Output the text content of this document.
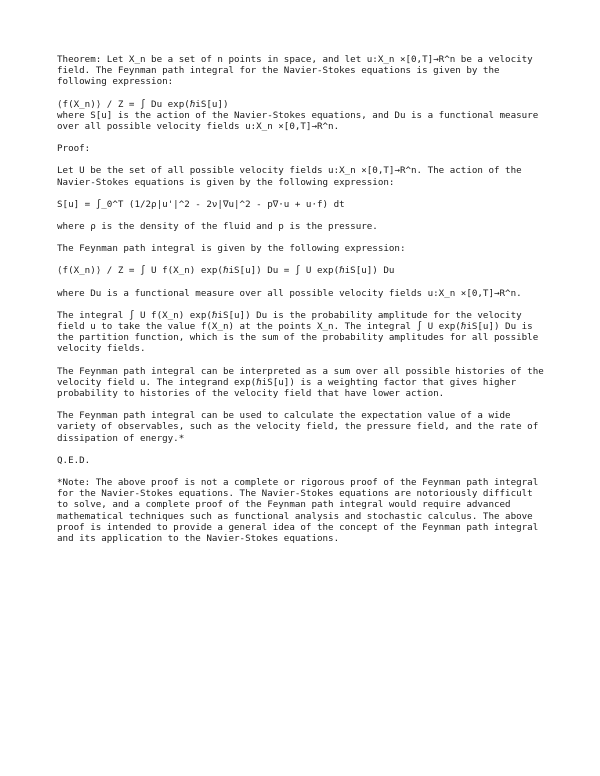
Theorem: Let X_n be a set of n points in space, and let u:X_n ×[0,T]→R^n be a velocity field. The Feynman path integral for the Navier-Stokes equations is given by the following expression:

⟨f(X_n)⟩ / Z = ∫ Du exp(ℏiS[u])

where S[u] is the action of the Navier-Stokes equations, and Du is a functional measure over all possible velocity fields u:X_n ×[0,T]→R^n.

Proof:

Let U be the set of all possible velocity fields u:X_n ×[0,T]→R^n. The action of the Navier-Stokes equations is given by the following expression:

S[u] = ∫_0^T (1/2ρ|u'|^2 - 2ν|∇u|^2 - p∇·u + u·f) dt

where ρ is the density of the fluid and p is the pressure.

The Feynman path integral is given by the following expression:

⟨f(X_n)⟩ / Z = ∫ U f(X_n) exp(ℏiS[u]) Du = ∫ U exp(ℏiS[u]) Du

where Du is a functional measure over all possible velocity fields u:X_n ×[0,T]→R^n.

The integral ∫ U f(X_n) exp(ℏiS[u]) Du is the probability amplitude for the velocity field u to take the value f(X_n) at the points X_n. The integral ∫ U exp(ℏiS[u]) Du is the partition function, which is the sum of the probability amplitudes for all possible velocity fields.

The Feynman path integral can be interpreted as a sum over all possible histories of the velocity field u. The integrand exp(ℏiS[u]) is a weighting factor that gives higher probability to histories of the velocity field that have lower action.

The Feynman path integral can be used to calculate the expectation value of a wide variety of observables, such as the velocity field, the pressure field, and the rate of dissipation of energy.*

Q.E.D.

*Note: The above proof is not a complete or rigorous proof of the Feynman path integral for the Navier-Stokes equations. The Navier-Stokes equations are notoriously difficult to solve, and a complete proof of the Feynman path integral would require advanced mathematical techniques such as functional analysis and stochastic calculus. The above proof is intended to provide a general idea of the concept of the Feynman path integral and its application to the Navier-Stokes equations.
